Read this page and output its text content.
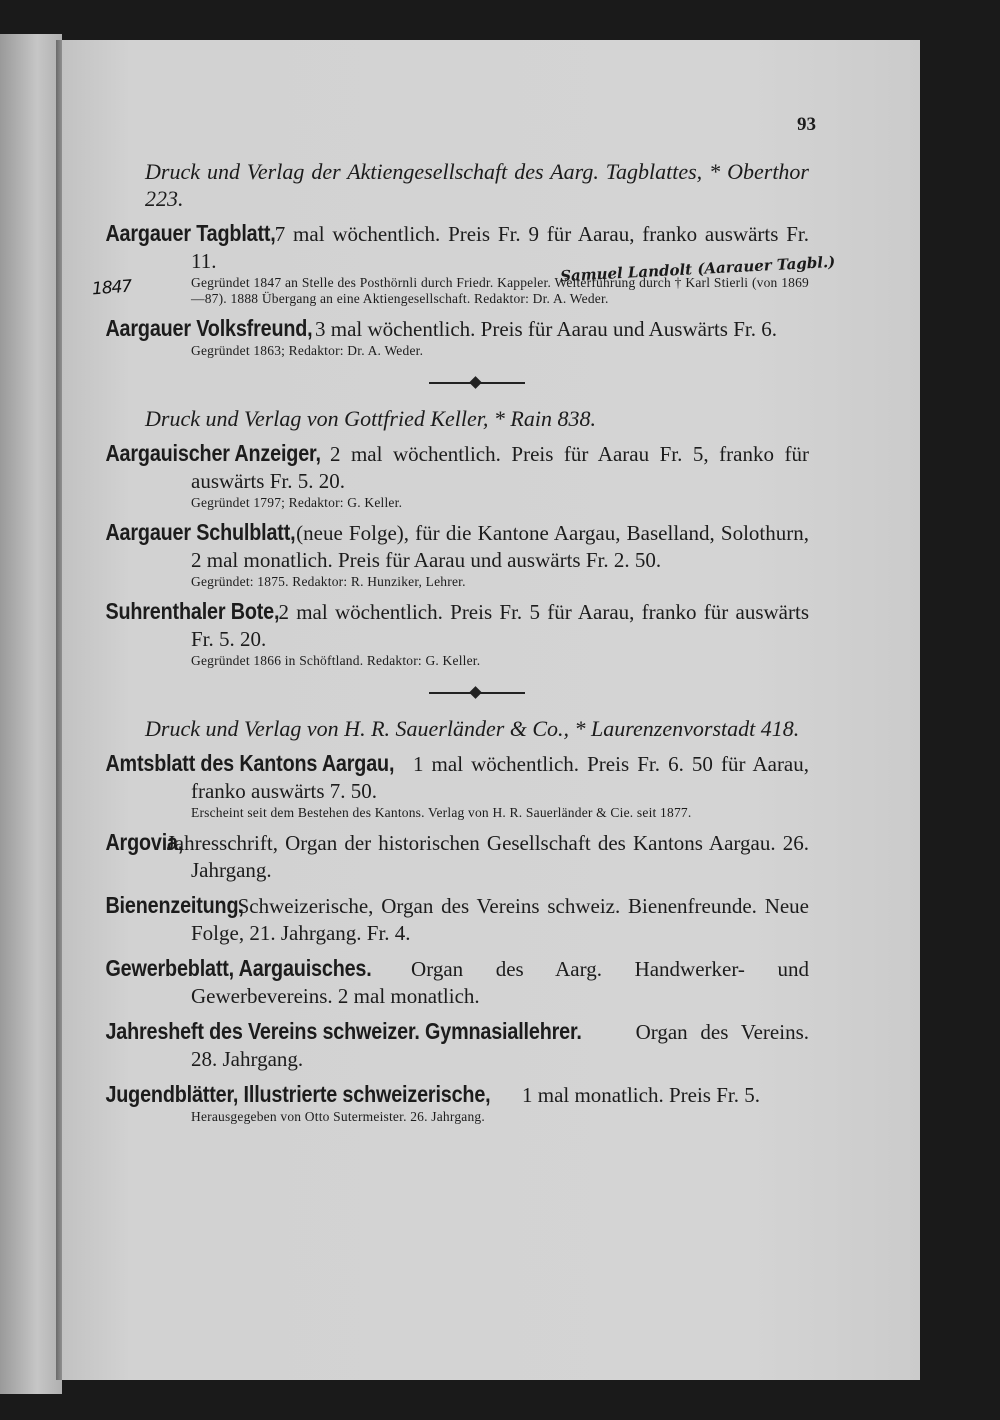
93
1847
Samuel Landolt (Aarauer Tagbl.)

Druck und Verlag der Aktiengesellschaft des Aarg. Tagblattes, * Oberthor 223.

Aargauer Tagblatt, 7 mal wöchentlich. Preis Fr. 9 für Aarau, franko auswärts Fr. 11.

Gegründet 1847 an Stelle des Posthörnli durch Friedr. Kappeler. Weiterführung durch † Karl Stierli (von 1869—87). 1888 Übergang an eine Aktiengesellschaft. Redaktor: Dr. A. Weder.

Aargauer Volksfreund, 3 mal wöchentlich. Preis für Aarau und Auswärts Fr. 6.

Gegründet 1863; Redaktor: Dr. A. Weder.

Druck und Verlag von Gottfried Keller, * Rain 838.

Aargauischer Anzeiger, 2 mal wöchentlich. Preis für Aarau Fr. 5, franko für auswärts Fr. 5. 20.

Gegründet 1797; Redaktor: G. Keller.

Aargauer Schulblatt, (neue Folge), für die Kantone Aargau, Baselland, Solothurn, 2 mal monatlich. Preis für Aarau und auswärts Fr. 2. 50.

Gegründet: 1875. Redaktor: R. Hunziker, Lehrer.

Suhrenthaler Bote, 2 mal wöchentlich. Preis Fr. 5 für Aarau, franko für auswärts Fr. 5. 20.

Gegründet 1866 in Schöftland. Redaktor: G. Keller.

Druck und Verlag von H. R. Sauerländer & Co., * Laurenzenvorstadt 418.

Amtsblatt des Kantons Aargau, 1 mal wöchentlich. Preis Fr. 6. 50 für Aarau, franko auswärts 7. 50.

Erscheint seit dem Bestehen des Kantons. Verlag von H. R. Sauerländer & Cie. seit 1877.

Argovia, Jahresschrift, Organ der historischen Gesellschaft des Kantons Aargau. 26. Jahrgang.

Bienenzeitung, Schweizerische, Organ des Vereins schweiz. Bienenfreunde. Neue Folge, 21. Jahrgang. Fr. 4.

Gewerbeblatt, Aargauisches. Organ des Aarg. Handwerker- und Gewerbevereins. 2 mal monatlich.

Jahresheft des Vereins schweizer. Gymnasiallehrer.	Organ des Vereins. 28. Jahrgang.

Jugendblätter, Illustrierte schweizerische, 1 mal monatlich. Preis Fr. 5.

Herausgegeben von Otto Sutermeister. 26. Jahrgang.
